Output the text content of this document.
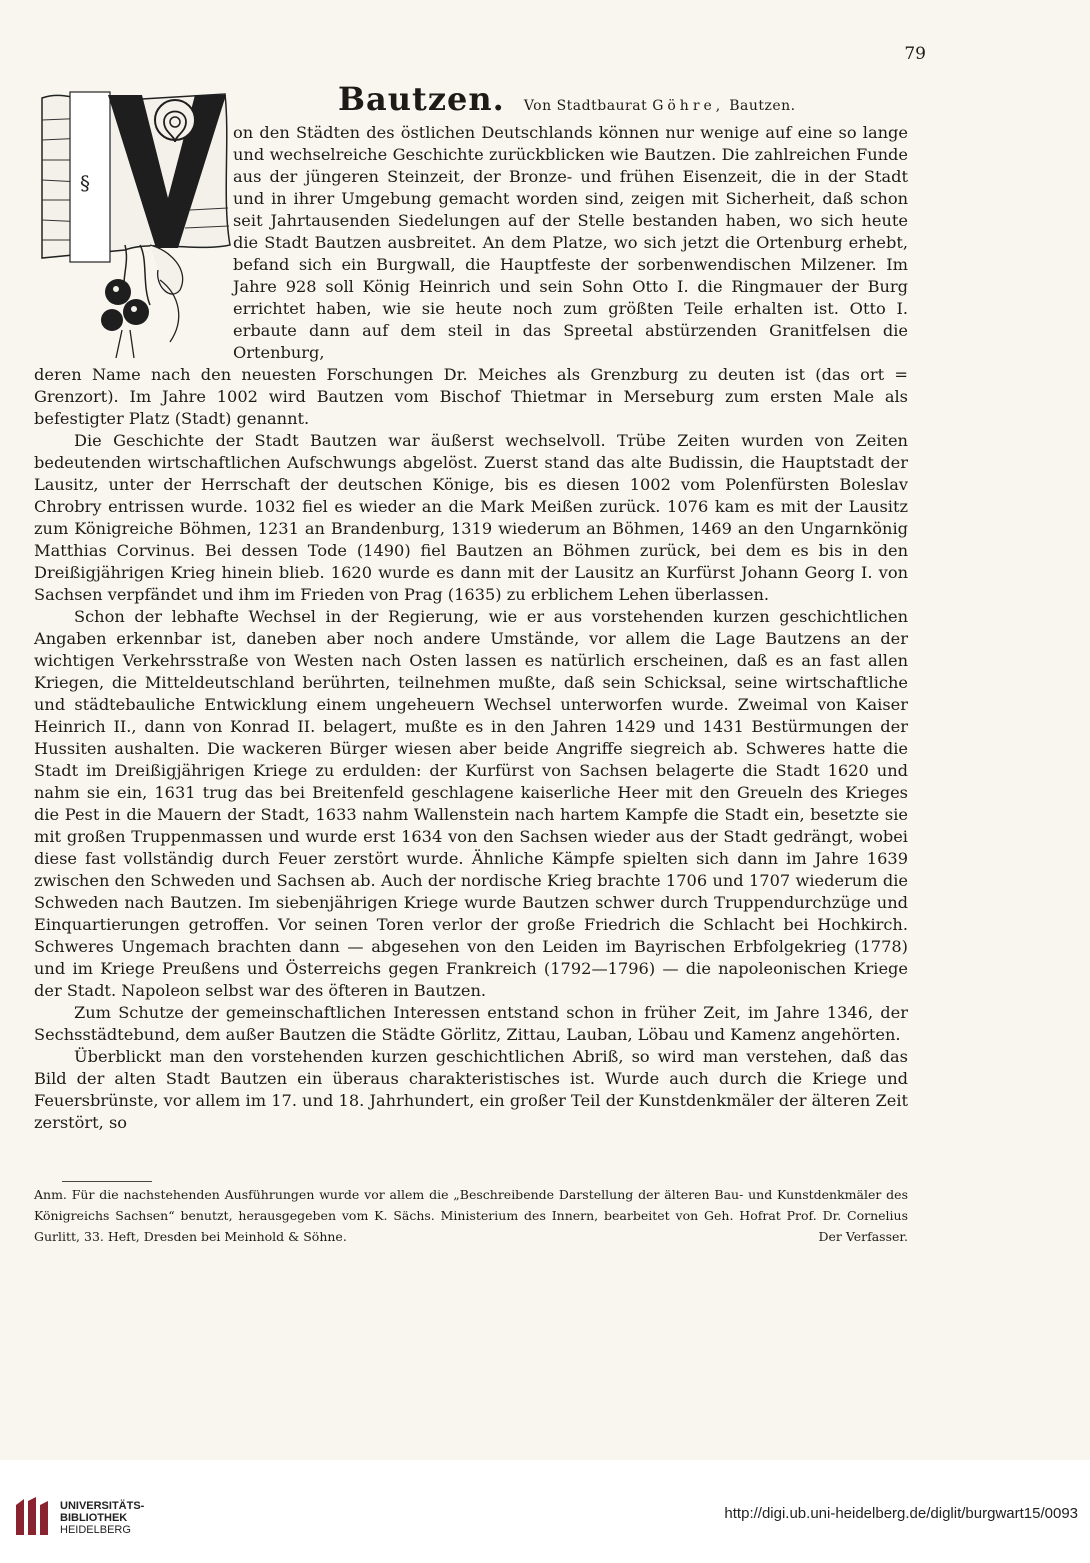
79
Bautzen. Von Stadtbaurat Göhre, Bautzen.
§
on den Städten des östlichen Deutschlands können nur wenige auf eine so lange und wechselreiche Geschichte zurückblicken wie Bautzen. Die zahlreichen Funde aus der jüngeren Steinzeit, der Bronze- und frühen Eisenzeit, die in der Stadt und in ihrer Umgebung gemacht worden sind, zeigen mit Sicherheit, daß schon seit Jahrtausenden Siedelungen auf der Stelle bestanden haben, wo sich heute die Stadt Bautzen ausbreitet. An dem Platze, wo sich jetzt die Ortenburg erhebt, befand sich ein Burgwall, die Hauptfeste der sorbenwendischen Milzener. Im Jahre 928 soll König Heinrich und sein Sohn Otto I. die Ringmauer der Burg errichtet haben, wie sie heute noch zum größten Teile erhalten ist. Otto I. erbaute dann auf dem steil in das Spreetal abstürzenden Granitfelsen die Ortenburg,

deren Name nach den neuesten Forschungen Dr. Meiches als Grenzburg zu deuten ist (das ort = Grenzort). Im Jahre 1002 wird Bautzen vom Bischof Thietmar in Merseburg zum ersten Male als befestigter Platz (Stadt) genannt.

Die Geschichte der Stadt Bautzen war äußerst wechselvoll. Trübe Zeiten wurden von Zeiten bedeutenden wirtschaftlichen Aufschwungs abgelöst. Zuerst stand das alte Budissin, die Hauptstadt der Lausitz, unter der Herrschaft der deutschen Könige, bis es diesen 1002 vom Polenfürsten Boleslav Chrobry entrissen wurde. 1032 fiel es wieder an die Mark Meißen zurück. 1076 kam es mit der Lausitz zum Königreiche Böhmen, 1231 an Brandenburg, 1319 wiederum an Böhmen, 1469 an den Ungarnkönig Matthias Corvinus. Bei dessen Tode (1490) fiel Bautzen an Böhmen zurück, bei dem es bis in den Dreißigjährigen Krieg hinein blieb. 1620 wurde es dann mit der Lausitz an Kurfürst Johann Georg I. von Sachsen verpfändet und ihm im Frieden von Prag (1635) zu erblichem Lehen überlassen.

Schon der lebhafte Wechsel in der Regierung, wie er aus vorstehenden kurzen geschichtlichen Angaben erkennbar ist, daneben aber noch andere Umstände, vor allem die Lage Bautzens an der wichtigen Verkehrsstraße von Westen nach Osten lassen es natürlich erscheinen, daß es an fast allen Kriegen, die Mitteldeutschland berührten, teilnehmen mußte, daß sein Schicksal, seine wirtschaftliche und städtebauliche Entwicklung einem ungeheuern Wechsel unterworfen wurde. Zweimal von Kaiser Heinrich II., dann von Konrad II. belagert, mußte es in den Jahren 1429 und 1431 Bestürmungen der Hussiten aushalten. Die wackeren Bürger wiesen aber beide Angriffe siegreich ab. Schweres hatte die Stadt im Dreißigjährigen Kriege zu erdulden: der Kurfürst von Sachsen belagerte die Stadt 1620 und nahm sie ein, 1631 trug das bei Breitenfeld geschlagene kaiserliche Heer mit den Greueln des Krieges die Pest in die Mauern der Stadt, 1633 nahm Wallenstein nach hartem Kampfe die Stadt ein, besetzte sie mit großen Truppenmassen und wurde erst 1634 von den Sachsen wieder aus der Stadt gedrängt, wobei diese fast vollständig durch Feuer zerstört wurde. Ähnliche Kämpfe spielten sich dann im Jahre 1639 zwischen den Schweden und Sachsen ab. Auch der nordische Krieg brachte 1706 und 1707 wiederum die Schweden nach Bautzen. Im siebenjährigen Kriege wurde Bautzen schwer durch Truppendurchzüge und Einquartierungen getroffen. Vor seinen Toren verlor der große Friedrich die Schlacht bei Hochkirch. Schweres Ungemach brachten dann — abgesehen von den Leiden im Bayrischen Erbfolgekrieg (1778) und im Kriege Preußens und Österreichs gegen Frankreich (1792—1796) — die napoleonischen Kriege der Stadt. Napoleon selbst war des öfteren in Bautzen.

Zum Schutze der gemeinschaftlichen Interessen entstand schon in früher Zeit, im Jahre 1346, der Sechsstädtebund, dem außer Bautzen die Städte Görlitz, Zittau, Lauban, Löbau und Kamenz angehörten.

Überblickt man den vorstehenden kurzen geschichtlichen Abriß, so wird man verstehen, daß das Bild der alten Stadt Bautzen ein überaus charakteristisches ist. Wurde auch durch die Kriege und Feuersbrünste, vor allem im 17. und 18. Jahrhundert, ein großer Teil der Kunstdenkmäler der älteren Zeit zerstört, so

Anm. Für die nachstehenden Ausführungen wurde vor allem die „Beschreibende Darstellung der älteren Bau- und Kunstdenkmäler des Königreichs Sachsen“ benutzt, herausgegeben vom K. Sächs. Ministerium des Innern, bearbeitet von Geh. Hofrat Prof. Dr. Cornelius Gurlitt, 33. Heft, Dresden bei Meinhold & Söhne.	Der Verfasser.
UNIVERSITÄTS-
BIBLIOTHEK
HEIDELBERG
http://digi.ub.uni-heidelberg.de/diglit/burgwart15/0093
